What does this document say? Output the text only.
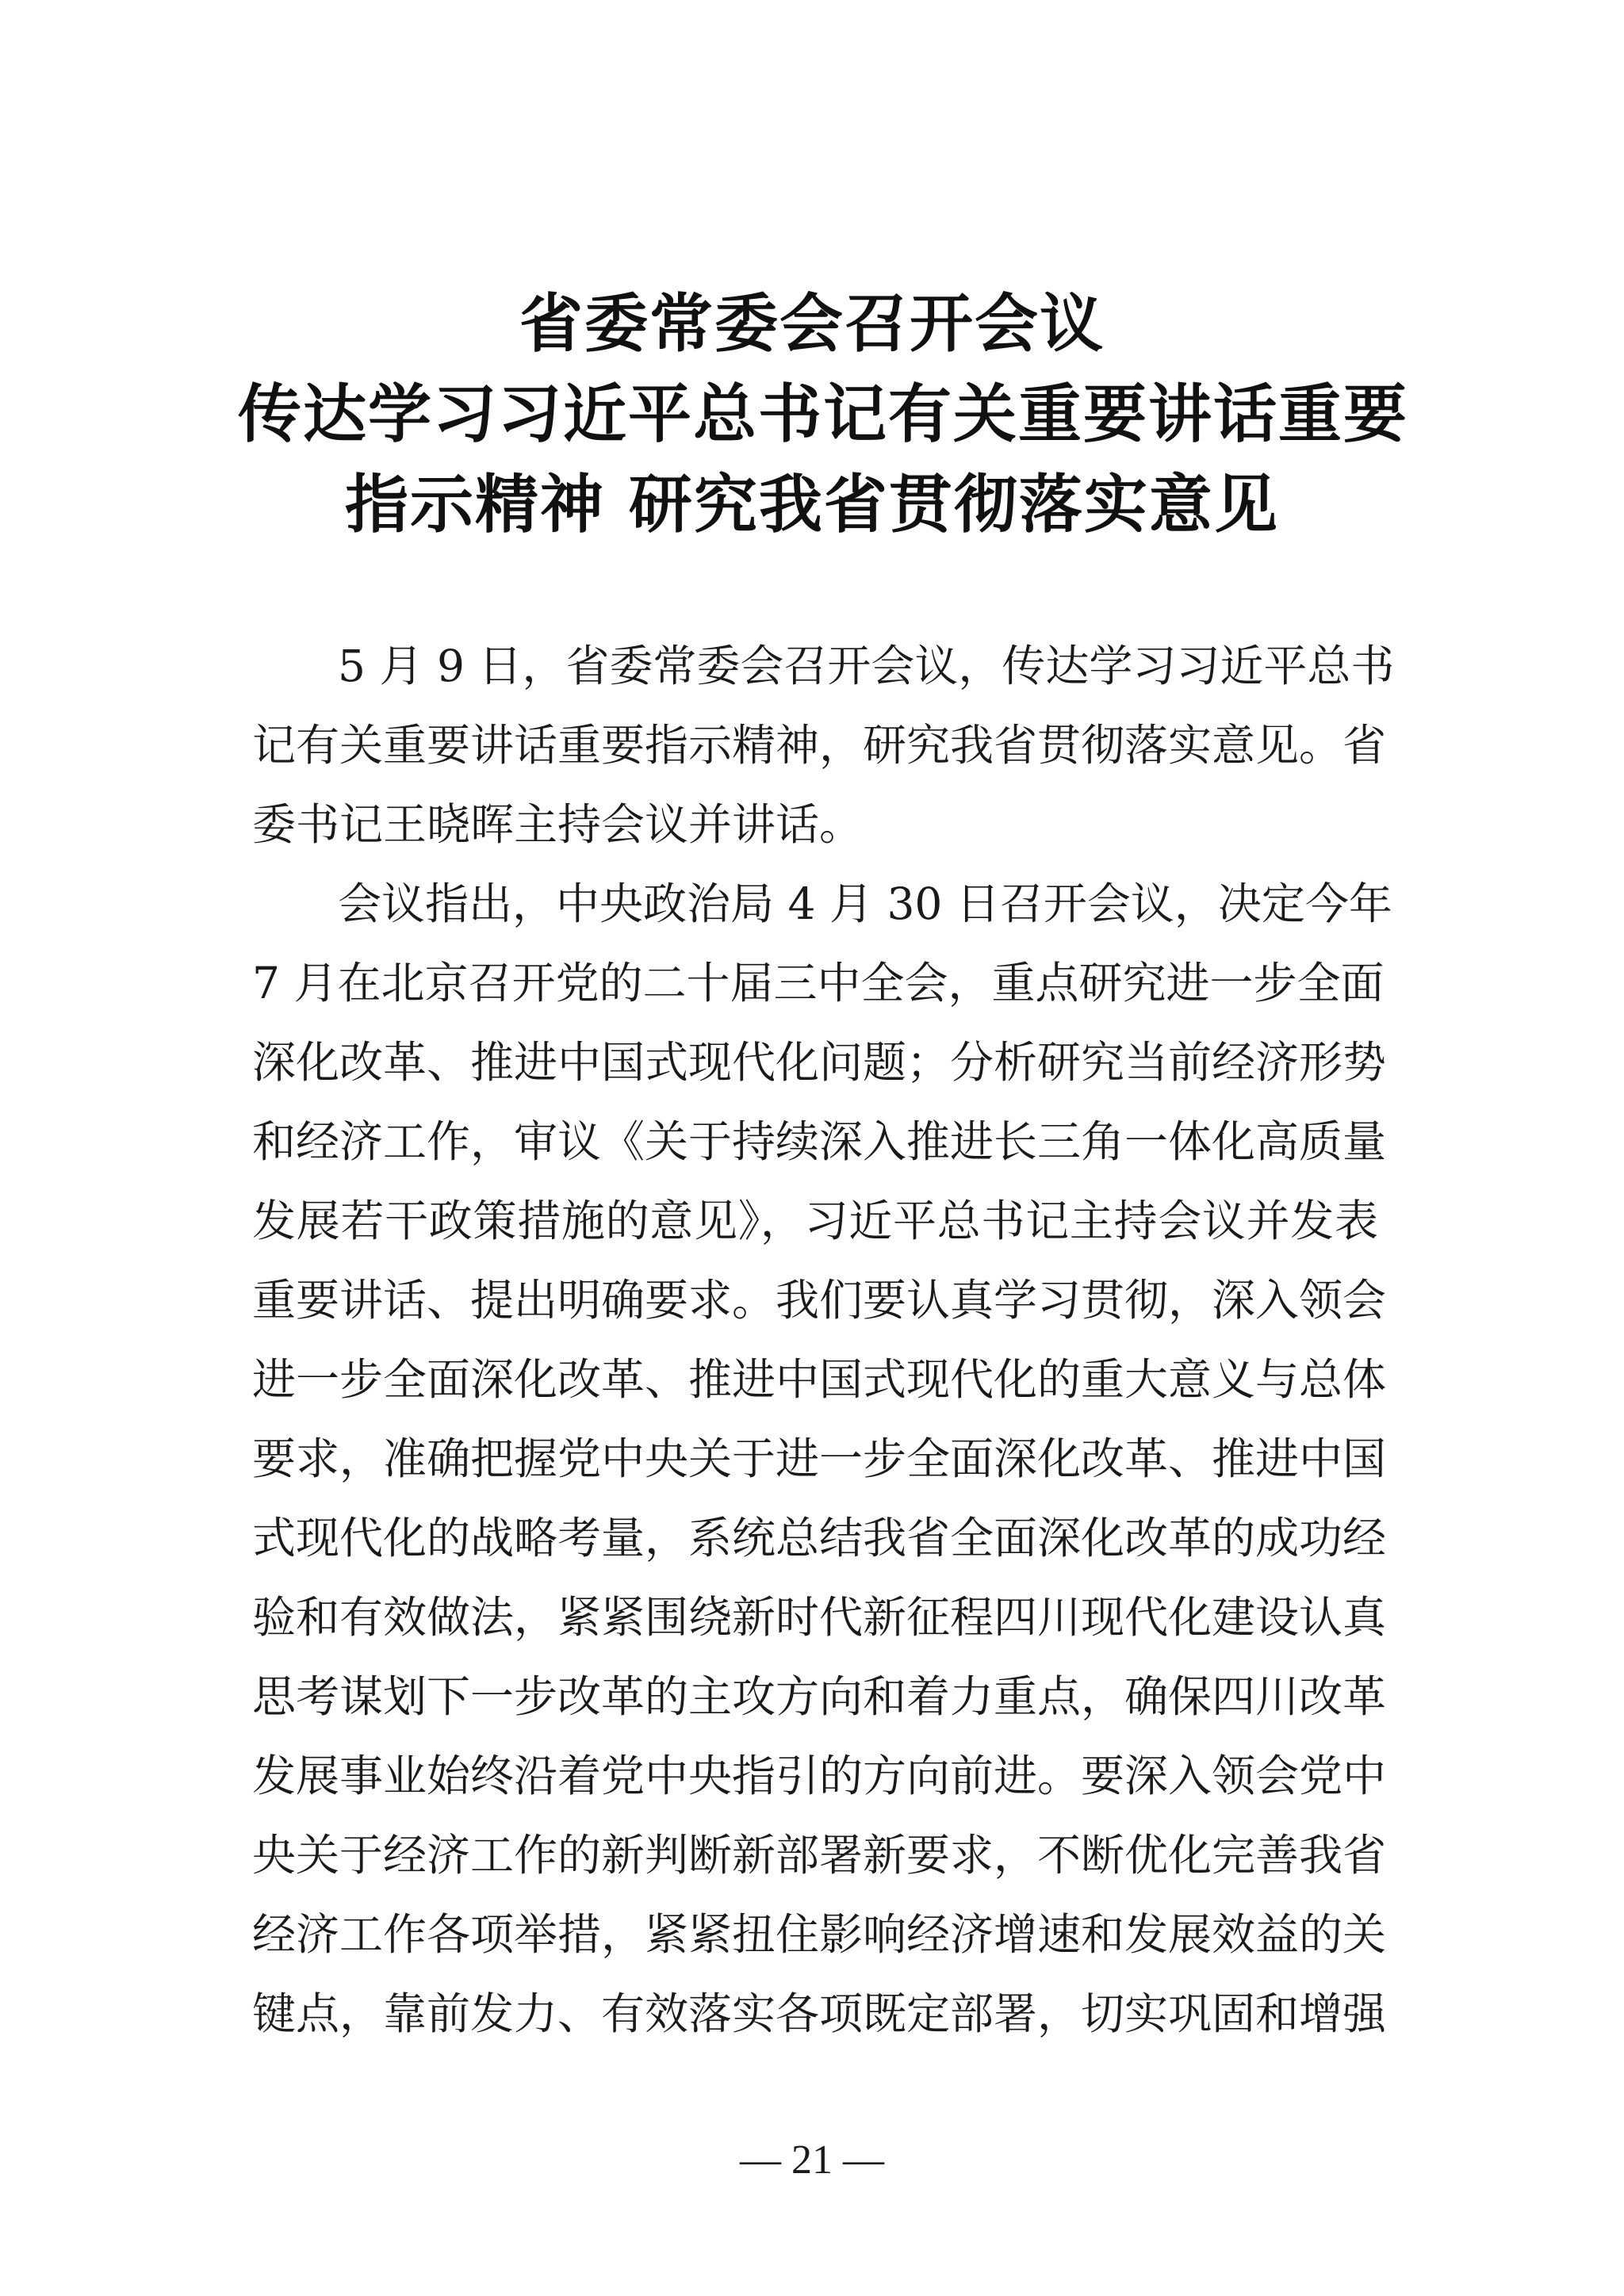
省委常委会召开会议
传达学习习近平总书记有关重要讲话重要
指示精神 研究我省贯彻落实意见
5 月 9 日，省委常委会召开会议，传达学习习近平总书
记有关重要讲话重要指示精神，研究我省贯彻落实意见。省
委书记王晓晖主持会议并讲话。
会议指出，中央政治局 4 月 30 日召开会议，决定今年
7 月在北京召开党的二十届三中全会，重点研究进一步全面
深化改革、推进中国式现代化问题；分析研究当前经济形势
和经济工作，审议《关于持续深入推进长三角一体化高质量
发展若干政策措施的意见》，习近平总书记主持会议并发表
重要讲话、提出明确要求。我们要认真学习贯彻，深入领会
进一步全面深化改革、推进中国式现代化的重大意义与总体
要求，准确把握党中央关于进一步全面深化改革、推进中国
式现代化的战略考量，系统总结我省全面深化改革的成功经
验和有效做法，紧紧围绕新时代新征程四川现代化建设认真
思考谋划下一步改革的主攻方向和着力重点，确保四川改革
发展事业始终沿着党中央指引的方向前进。要深入领会党中
央关于经济工作的新判断新部署新要求，不断优化完善我省
经济工作各项举措，紧紧扭住影响经济增速和发展效益的关
键点，靠前发力、有效落实各项既定部署，切实巩固和增强
— 21 —
